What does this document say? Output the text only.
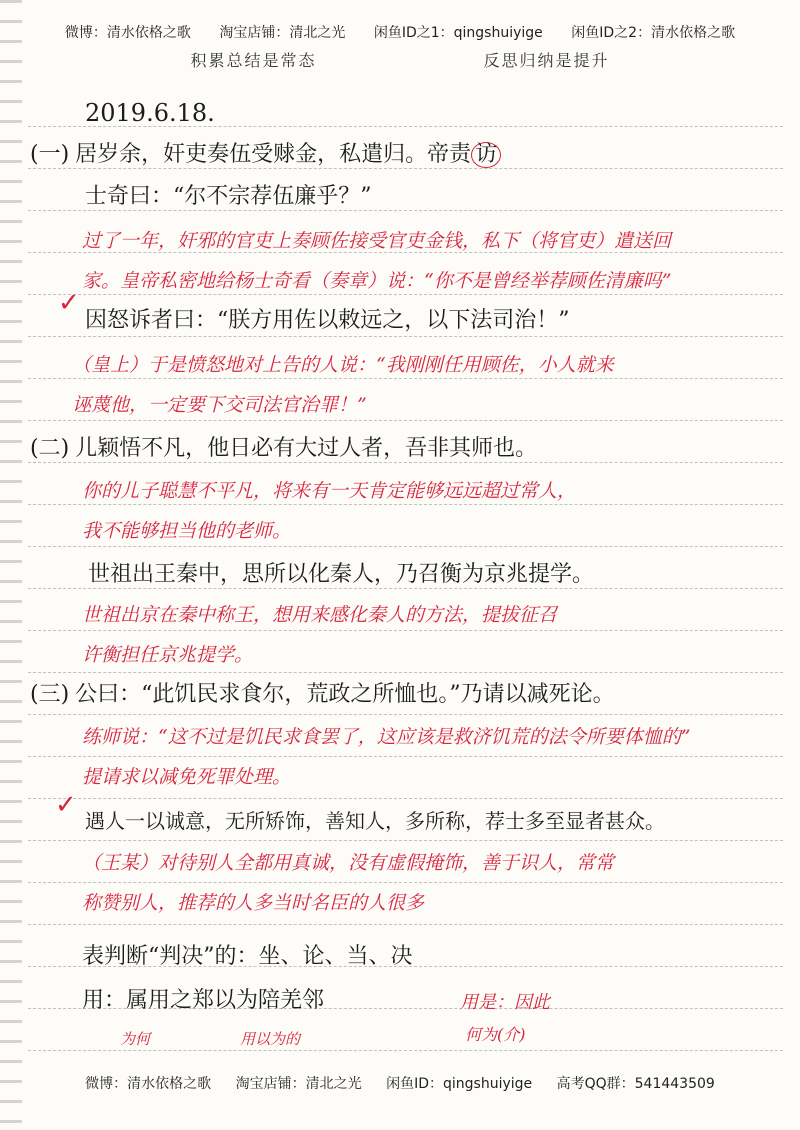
微博：清水依格之歌 淘宝店铺：清北之光 闲鱼ID之1：qingshuiyige 闲鱼ID之2：清水依格之歌
积累总结是常态	反思归纳是提升
2019.6.18.
(一) 居岁余，奸吏奏伍受赇金，私遣归。帝责 访
士奇曰：“尔不宗荐伍廉乎？”
过了一年，奸邪的官吏上奏顾佐接受官吏金钱，私下（将官吏）遣送回
家。皇帝私密地给杨士奇看（奏章）说：“你不是曾经举荐顾佐清廉吗”
✓
因怒诉者曰：“朕方用佐以敕远之，以下法司治！”
（皇上）于是愤怒地对上告的人说：“我刚刚任用顾佐，小人就来
诬蔑他，一定要下交司法官治罪！”
(二) 儿颖悟不凡，他日必有大过人者，吾非其师也。
你的儿子聪慧不平凡，将来有一天肯定能够远远超过常人，
我不能够担当他的老师。
世祖出王秦中，思所以化秦人，乃召衡为京兆提学。
世祖出京在秦中称王，想用来感化秦人的方法，提拔征召
许衡担任京兆提学。
(三) 公曰：“此饥民求食尔，荒政之所恤也。”乃请以减死论。
练师说：“这不过是饥民求食罢了，这应该是救济饥荒的法令所要体恤的”
提请求以减免死罪处理。
✓
遇人一以诚意，无所矫饰，善知人，多所称，荐士多至显者甚众。
（王某）对待别人全都用真诚，没有虚假掩饰，善于识人，常常
称赞别人，推荐的人多当时名臣的人很多
表判断“判决”的：坐、论、当、决
用：属用之郑以为陪羌邻
为何	用以为的
用是：因此
何为(介)
微博：清水依格之歌 淘宝店铺：清北之光 闲鱼ID：qingshuiyige 高考QQ群：541443509
